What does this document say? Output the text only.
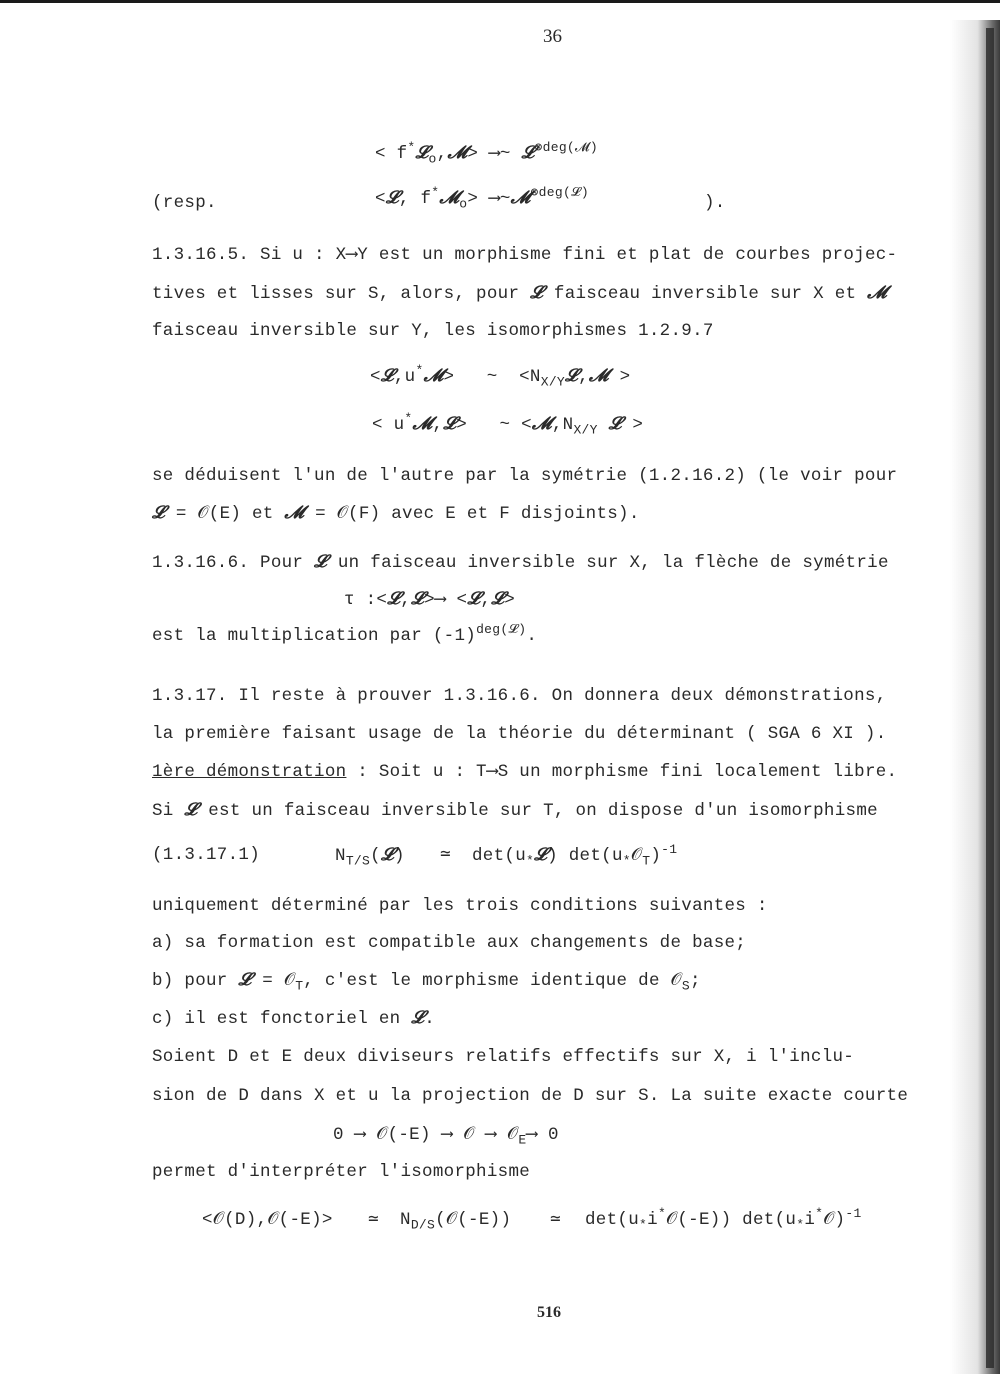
36
< f*𝓛$_o$,𝓜> ⟶~ 𝓛$^{\otimes deg(𝓜)}$
(resp.	<𝓛, f*𝓜$_o$> ⟶~𝓜$^{\otimes deg(𝓛)}$
).
1.3.16.5. Si u : X⟶Y est un morphisme fini et plat de courbes projec-
tives et lisses sur S, alors, pour 𝓛 faisceau inversible sur X et 𝓜
faisceau inversible sur Y, les isomorphismes 1.2.9.7
<𝓛,u*𝓜> ~ $<N_{X/Y}𝓛,𝓜$ >
< u*𝓜,𝓛> ~ $<𝓜,N_{X/Y}$ 𝓛 >
se déduisent l'un de l'autre par la symétrie (1.2.16.2) (le voir pour
𝓛 = 𝒪(E) et 𝓜 = 𝒪(F) avec E et F disjoints).
1.3.16.6. Pour 𝓛 un faisceau inversible sur X, la flèche de symétrie
τ :<𝓛,𝓛>⟶ <𝓛,𝓛>
est la multiplication par $(-1)^{deg(𝓛)}$.
1.3.17. Il reste à prouver 1.3.16.6. On donnera deux démonstrations,
la première faisant usage de la théorie du déterminant ( SGA 6 XI ).
1ère démonstration : Soit u : T⟶S un morphisme fini localement libre.
Si 𝓛 est un faisceau inversible sur T, on dispose d'un isomorphisme
(1.3.17.1)	$N_{T/S}(𝓛)$ ≃ $\det(u_*𝓛)$ $\det(u_*𝒪_T)^{-1}$
uniquement déterminé par les trois conditions suivantes :
a) sa formation est compatible aux changements de base;
b) pour 𝓛 = 𝒪$_T$, c'est le morphisme identique de 𝒪$_S$;
c) il est fonctoriel en 𝓛.
Soient D et E deux diviseurs relatifs effectifs sur X, i l'inclu-
sion de D dans X et u la projection de D sur S. La suite exacte courte
0 ⟶ 𝒪(-E) ⟶ 𝒪 ⟶ 𝒪$_E$⟶ 0
permet d'interpréter l'isomorphisme
<𝒪(D),𝒪(-E)> ≃ $N_{D/S}(𝒪(-E))$ ≃ $\det(u_*i^*𝒪(-E))$ $\det(u_*i^*𝒪)^{-1}$
516
